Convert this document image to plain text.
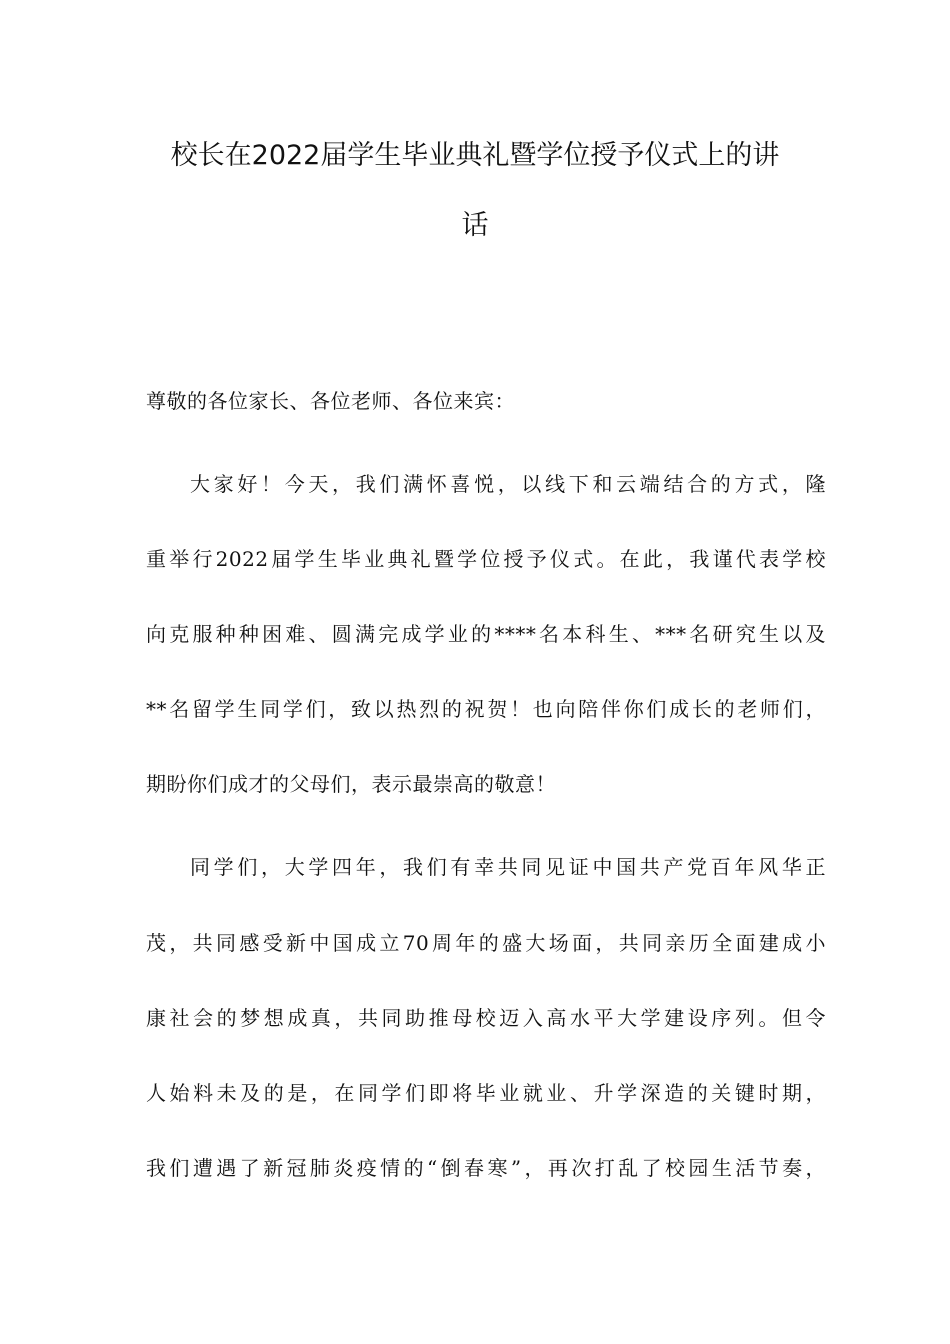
校长在2022届学生毕业典礼暨学位授予仪式上的讲
话
尊敬的各位家长、各位老师、各位来宾：
大家好！今天，我们满怀喜悦，以线下和云端结合的方式，隆
重举行2022届学生毕业典礼暨学位授予仪式。在此，我谨代表学校
向克服种种困难、圆满完成学业的****名本科生、***名研究生以及
**名留学生同学们，致以热烈的祝贺！也向陪伴你们成长的老师们，
期盼你们成才的父母们，表示最崇高的敬意！
同学们，大学四年，我们有幸共同见证中国共产党百年风华正
茂，共同感受新中国成立70周年的盛大场面，共同亲历全面建成小
康社会的梦想成真，共同助推母校迈入高水平大学建设序列。但令
人始料未及的是，在同学们即将毕业就业、升学深造的关键时期，
我们遭遇了新冠肺炎疫情的“倒春寒”，再次打乱了校园生活节奏，
